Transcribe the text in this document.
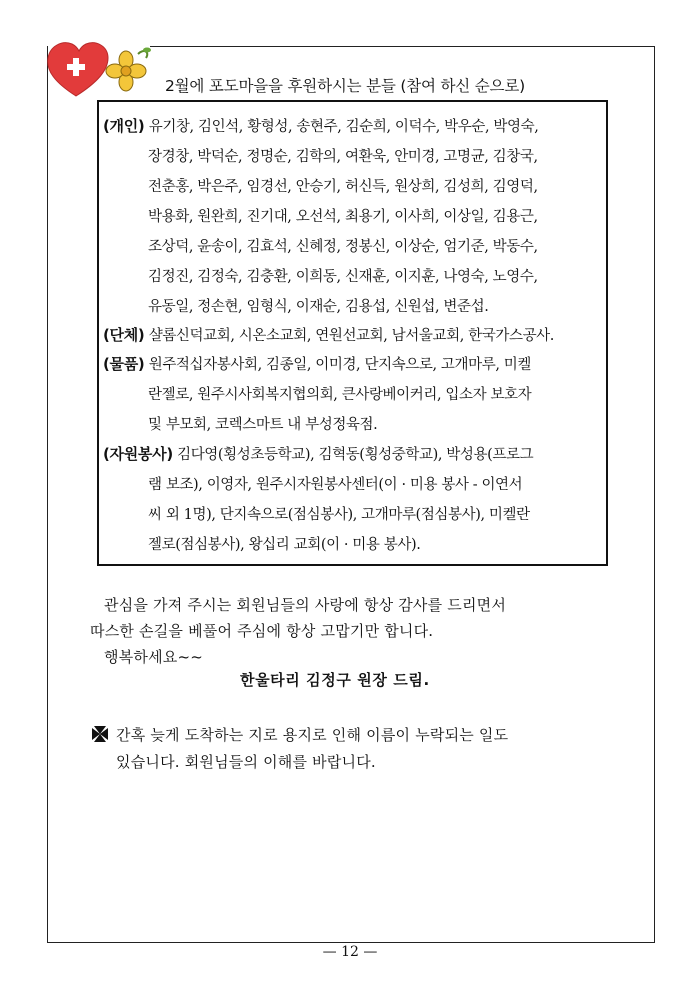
2월에 포도마을을 후원하시는 분들 (참여 하신 순으로)
(개인) 유기창, 김인석, 황형성, 송현주, 김순희, 이덕수, 박우순, 박영숙,
장경창, 박덕순, 정명순, 김학의, 여환욱, 안미경, 고명균, 김창국,
전춘홍, 박은주, 임경선, 안승기, 허신득, 원상희, 김성희, 김영덕,
박용화, 원완희, 진기대, 오선석, 최용기, 이사희, 이상일, 김용근,
조상덕, 윤송이, 김효석, 신혜정, 정봉신, 이상순, 엄기준, 박동수,
김정진, 김정숙, 김충환, 이희동, 신재훈, 이지훈, 나영숙, 노영수,
유동일, 정손현, 임형식, 이재순, 김용섭, 신원섭, 변준섭.
(단체) 샬롬신덕교회, 시온소교회, 연원선교회, 남서울교회, 한국가스공사.
(물품) 원주적십자봉사회, 김종일, 이미경, 단지속으로, 고개마루, 미켈
란젤로, 원주시사회복지협의회, 큰사랑베이커리, 입소자 보호자
및 부모회, 코렉스마트 내 부성정육점.
(자원봉사) 김다영(횡성초등학교), 김혁동(횡성중학교), 박성용(프로그
램 보조), 이영자, 원주시자원봉사센터(이 · 미용 봉사 - 이연서
씨 외 1명), 단지속으로(점심봉사), 고개마루(점심봉사), 미켈란
젤로(점심봉사), 왕십리 교회(이 · 미용 봉사).
관심을 가져 주시는 회원님들의 사랑에 항상 감사를 드리면서
따스한 손길을 베풀어 주심에 항상 고맙기만 합니다.
행복하세요~~
한울타리 김정구 원장 드림.
간혹 늦게 도착하는 지로 용지로 인해 이름이 누락되는 일도
있습니다. 회원님들의 이해를 바랍니다.
— 12 —
